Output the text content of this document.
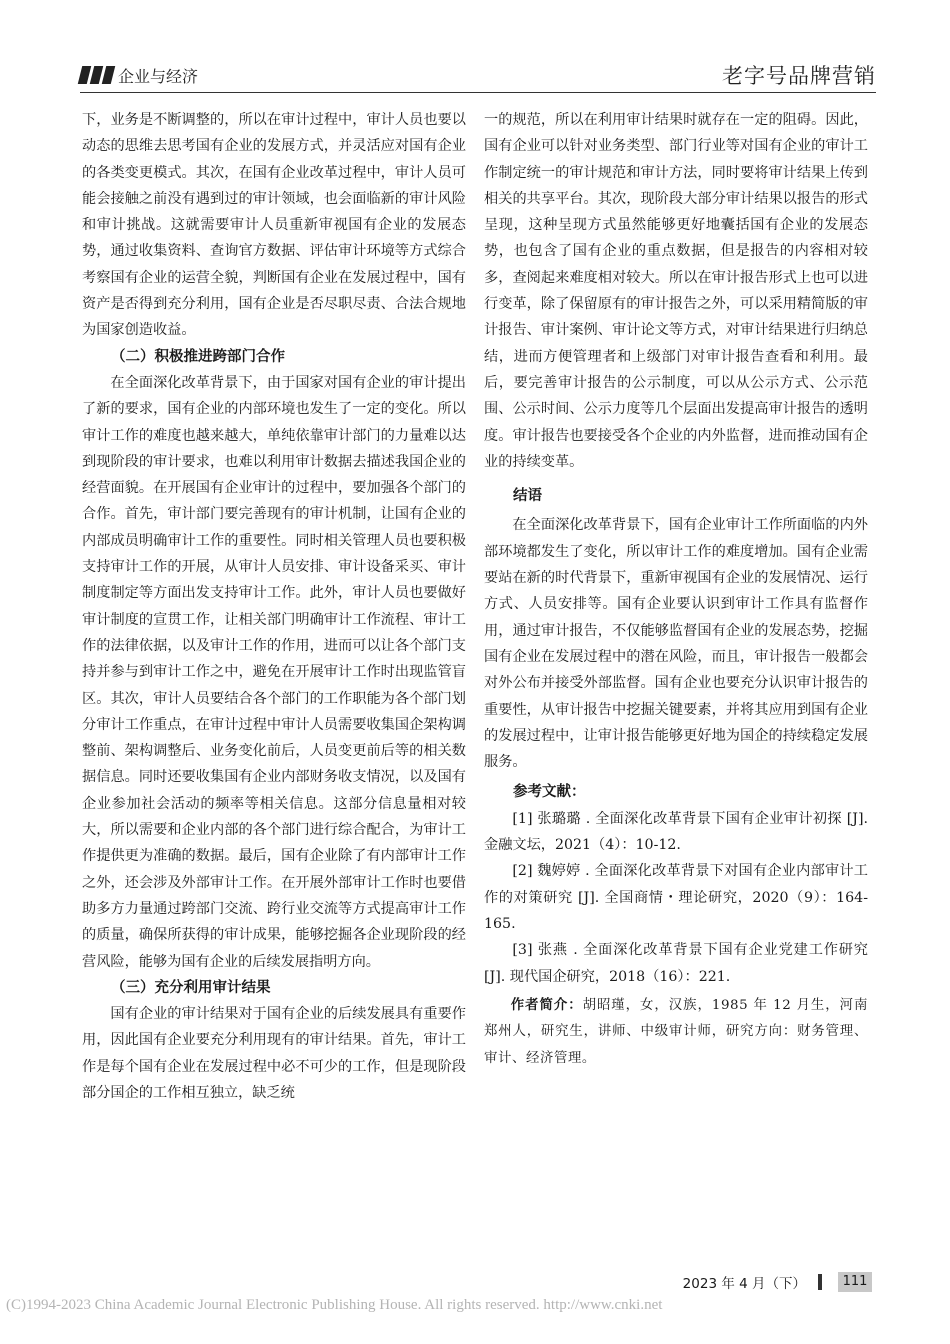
企业与经济	老字号品牌营销

下，业务是不断调整的，所以在审计过程中，审计人员也要以动态的思维去思考国有企业的发展方式，并灵活应对国有企业的各类变更模式。其次，在国有企业改革过程中，审计人员可能会接触之前没有遇到过的审计领域，也会面临新的审计风险和审计挑战。这就需要审计人员重新审视国有企业的发展态势，通过收集资料、查询官方数据、评估审计环境等方式综合考察国有企业的运营全貌，判断国有企业在发展过程中，国有资产是否得到充分利用，国有企业是否尽职尽责、合法合规地为国家创造收益。

（二）积极推进跨部门合作

在全面深化改革背景下，由于国家对国有企业的审计提出了新的要求，国有企业的内部环境也发生了一定的变化。所以审计工作的难度也越来越大，单纯依靠审计部门的力量难以达到现阶段的审计要求，也难以利用审计数据去描述我国企业的经营面貌。在开展国有企业审计的过程中，要加强各个部门的合作。首先，审计部门要完善现有的审计机制，让国有企业的内部成员明确审计工作的重要性。同时相关管理人员也要积极支持审计工作的开展，从审计人员安排、审计设备采买、审计制度制定等方面出发支持审计工作。此外，审计人员也要做好审计制度的宣贯工作，让相关部门明确审计工作流程、审计工作的法律依据，以及审计工作的作用，进而可以让各个部门支持并参与到审计工作之中，避免在开展审计工作时出现监管盲区。其次，审计人员要结合各个部门的工作职能为各个部门划分审计工作重点，在审计过程中审计人员需要收集国企架构调整前、架构调整后、业务变化前后，人员变更前后等的相关数据信息。同时还要收集国有企业内部财务收支情况，以及国有企业参加社会活动的频率等相关信息。这部分信息量相对较大，所以需要和企业内部的各个部门进行综合配合，为审计工作提供更为准确的数据。最后，国有企业除了有内部审计工作之外，还会涉及外部审计工作。在开展外部审计工作时也要借助多方力量通过跨部门交流、跨行业交流等方式提高审计工作的质量，确保所获得的审计成果，能够挖掘各企业现阶段的经营风险，能够为国有企业的后续发展指明方向。

（三）充分利用审计结果

国有企业的审计结果对于国有企业的后续发展具有重要作用，因此国有企业要充分利用现有的审计结果。首先，审计工作是每个国有企业在发展过程中必不可少的工作，但是现阶段部分国企的工作相互独立，缺乏统

一的规范，所以在利用审计结果时就存在一定的阻碍。因此，国有企业可以针对业务类型、部门行业等对国有企业的审计工作制定统一的审计规范和审计方法，同时要将审计结果上传到相关的共享平台。其次，现阶段大部分审计结果以报告的形式呈现，这种呈现方式虽然能够更好地囊括国有企业的发展态势，也包含了国有企业的重点数据，但是报告的内容相对较多，查阅起来难度相对较大。所以在审计报告形式上也可以进行变革，除了保留原有的审计报告之外，可以采用精简版的审计报告、审计案例、审计论文等方式，对审计结果进行归纳总结，进而方便管理者和上级部门对审计报告查看和利用。最后，要完善审计报告的公示制度，可以从公示方式、公示范围、公示时间、公示力度等几个层面出发提高审计报告的透明度。审计报告也要接受各个企业的内外监督，进而推动国有企业的持续变革。

结语

在全面深化改革背景下，国有企业审计工作所面临的内外部环境都发生了变化，所以审计工作的难度增加。国有企业需要站在新的时代背景下，重新审视国有企业的发展情况、运行方式、人员安排等。国有企业要认识到审计工作具有监督作用，通过审计报告，不仅能够监督国有企业的发展态势，挖掘国有企业在发展过程中的潜在风险，而且，审计报告一般都会对外公布并接受外部监督。国有企业也要充分认识审计报告的重要性，从审计报告中挖掘关键要素，并将其应用到国有企业的发展过程中，让审计报告能够更好地为国企的持续稳定发展服务。

参考文献：

[1] 张璐璐 . 全面深化改革背景下国有企业审计初探 [J]. 金融文坛，2021（4）：10-12.

[2] 魏婷婷 . 全面深化改革背景下对国有企业内部审计工作的对策研究 [J]. 全国商情・理论研究，2020（9）：164-165.

[3] 张燕 . 全面深化改革背景下国有企业党建工作研究 [J]. 现代国企研究，2018（16）：221.

作者简介：胡昭瑾，女，汉族，1985 年 12 月生，河南郑州人，研究生，讲师、中级审计师，研究方向：财务管理、审计、经济管理。

2023 年 4 月（下）	111
(C)1994-2023 China Academic Journal Electronic Publishing House. All rights reserved. http://www.cnki.net
